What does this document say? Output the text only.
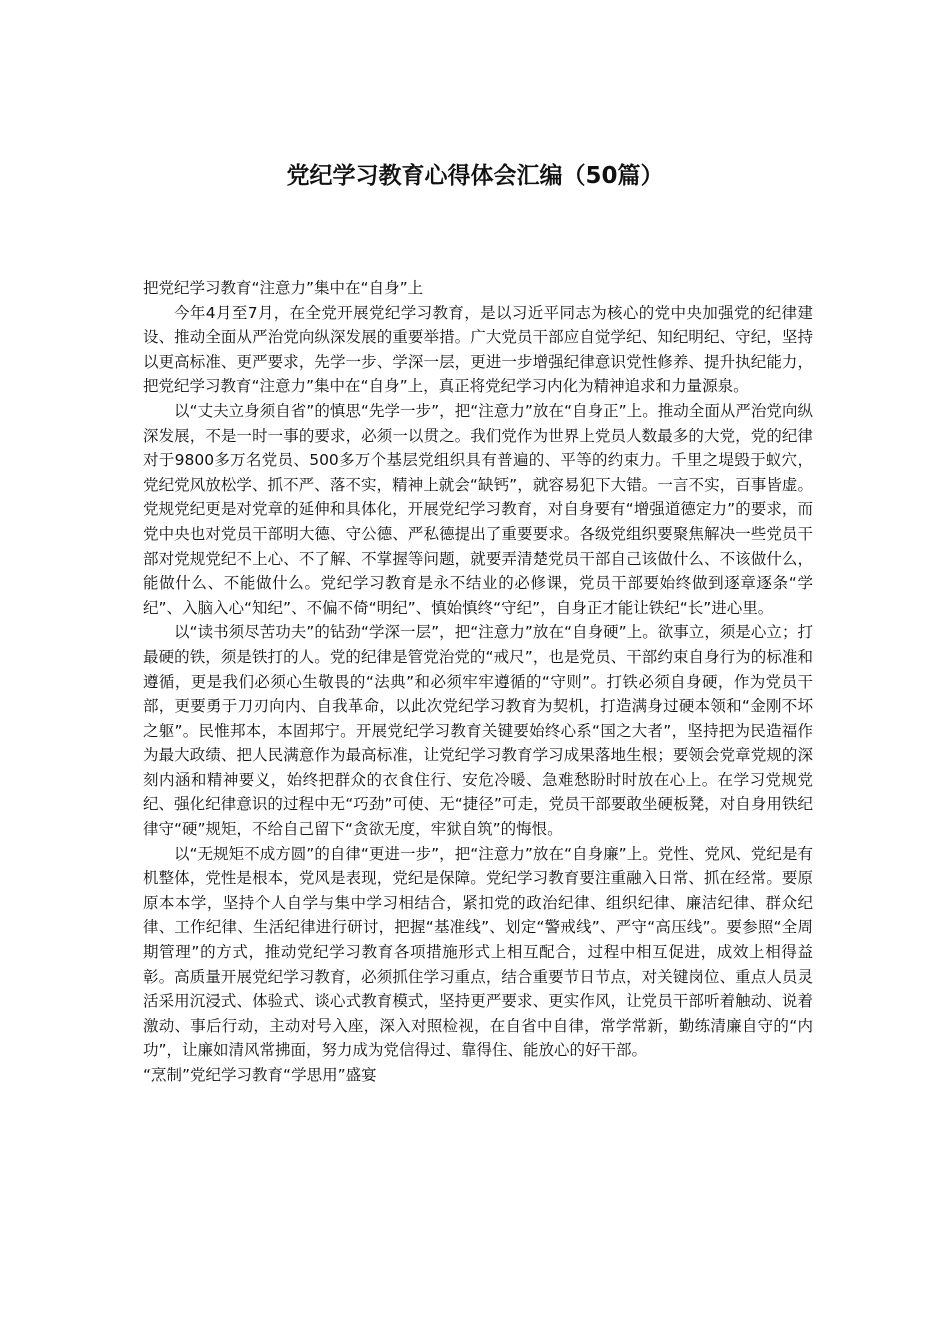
党纪学习教育心得体会汇编（50篇）

把党纪学习教育“注意力”集中在“自身”上

今年4月至7月，在全党开展党纪学习教育，是以习近平同志为核心的党中央加强党的纪律建设、推动全面从严治党向纵深发展的重要举措。广大党员干部应自觉学纪、知纪明纪、守纪，坚持以更高标准、更严要求，先学一步、学深一层，更进一步增强纪律意识党性修养、提升执纪能力，把党纪学习教育“注意力”集中在“自身”上，真正将党纪学习内化为精神追求和力量源泉。

以“丈夫立身须自省”的慎思“先学一步”，把“注意力”放在“自身正”上。推动全面从严治党向纵深发展，不是一时一事的要求，必须一以贯之。我们党作为世界上党员人数最多的大党，党的纪律对于9800多万名党员、500多万个基层党组织具有普遍的、平等的约束力。千里之堤毁于蚁穴，党纪党风放松学、抓不严、落不实，精神上就会“缺钙”，就容易犯下大错。一言不实，百事皆虚。党规党纪更是对党章的延伸和具体化，开展党纪学习教育，对自身要有“增强道德定力”的要求，而党中央也对党员干部明大德、守公德、严私德提出了重要要求。各级党组织要聚焦解决一些党员干部对党规党纪不上心、不了解、不掌握等问题，就要弄清楚党员干部自己该做什么、不该做什么，能做什么、不能做什么。党纪学习教育是永不结业的必修课，党员干部要始终做到逐章逐条“学纪”、入脑入心“知纪”、不偏不倚“明纪”、慎始慎终“守纪”，自身正才能让铁纪“长”进心里。

以“读书须尽苦功夫”的钻劲“学深一层”，把“注意力”放在“自身硬”上。欲事立，须是心立；打最硬的铁，须是铁打的人。党的纪律是管党治党的“戒尺”，也是党员、干部约束自身行为的标准和遵循，更是我们必须心生敬畏的“法典”和必须牢牢遵循的“守则”。打铁必须自身硬，作为党员干部，更要勇于刀刃向内、自我革命，以此次党纪学习教育为契机，打造满身过硬本领和“金刚不坏之躯”。民惟邦本，本固邦宁。开展党纪学习教育关键要始终心系“国之大者”，坚持把为民造福作为最大政绩、把人民满意作为最高标准，让党纪学习教育学习成果落地生根；要领会党章党规的深刻内涵和精神要义，始终把群众的衣食住行、安危冷暖、急难愁盼时时放在心上。在学习党规党纪、强化纪律意识的过程中无“巧劲”可使、无“捷径”可走，党员干部要敢坐硬板凳，对自身用铁纪律守“硬”规矩，不给自己留下“贪欲无度，牢狱自筑”的悔恨。

以“无规矩不成方圆”的自律“更进一步”，把“注意力”放在“自身廉”上。党性、党风、党纪是有机整体，党性是根本，党风是表现，党纪是保障。党纪学习教育要注重融入日常、抓在经常。要原原本本学，坚持个人自学与集中学习相结合，紧扣党的政治纪律、组织纪律、廉洁纪律、群众纪律、工作纪律、生活纪律进行研讨，把握“基准线”、划定“警戒线”、严守“高压线”。要参照“全周期管理”的方式，推动党纪学习教育各项措施形式上相互配合，过程中相互促进，成效上相得益彰。高质量开展党纪学习教育，必须抓住学习重点，结合重要节日节点，对关键岗位、重点人员灵活采用沉浸式、体验式、谈心式教育模式，坚持更严要求、更实作风，让党员干部听着触动、说着激动、事后行动，主动对号入座，深入对照检视，在自省中自律，常学常新，勤练清廉自守的“内功”，让廉如清风常拂面，努力成为党信得过、靠得住、能放心的好干部。

“烹制”党纪学习教育“学思用”盛宴
